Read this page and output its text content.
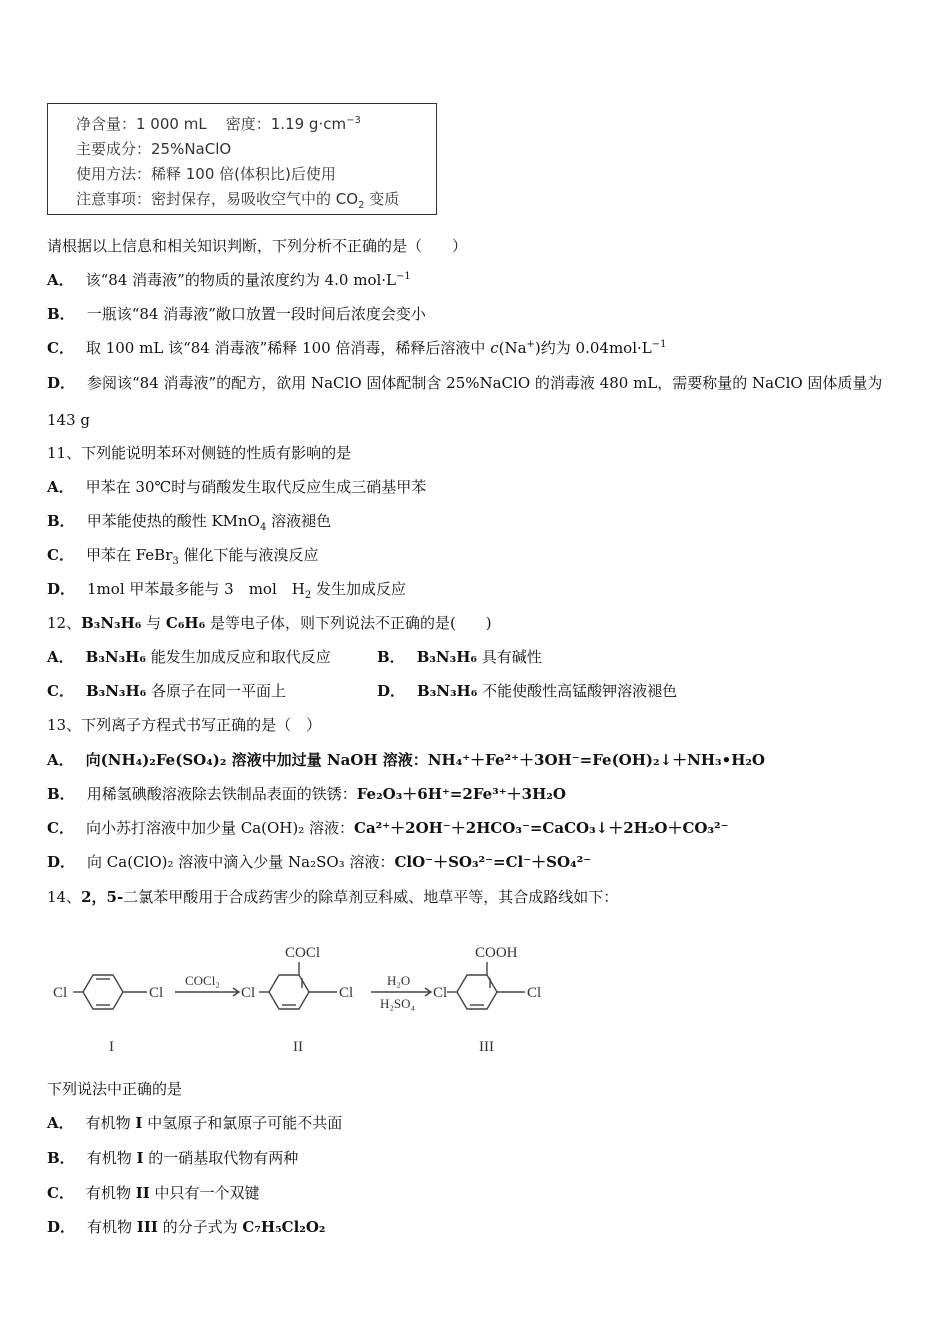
净含量：1 000 mL 密度：1.19 $g\cdot cm^{-3}$
主要成分：25%NaClO
使用方法：稀释 100 倍(体积比)后使用
注意事项：密封保存，易吸收空气中的 $CO_2$ 变质
请根据以上信息和相关知识判断，下列分析不正确的是（　　）
A． 该“84 消毒液”的物质的量浓度约为 4.0 $mol\cdot L^{-1}$
B． 一瓶该“84 消毒液”敞口放置一段时间后浓度会变小
C． 取 100 mL 该“84 消毒液”稀释 100 倍消毒，稀释后溶液中 c(Na+)约为 $0.04mol\cdot L^{-1}$
D． 参阅该“84 消毒液”的配方，欲用 NaClO 固体配制含 25%NaClO 的消毒液 480 mL，需要称量的 NaClO 固体质量为
143 g
11、下列能说明苯环对侧链的性质有影响的是
A． 甲苯在 30℃时与硝酸发生取代反应生成三硝基甲苯
B． 甲苯能使热的酸性 KMnO$_4$ 溶液褪色
C． 甲苯在 FeBr$_3$ 催化下能与液溴反应
D． 1mol 甲苯最多能与 3　mol　$H_2$ 发生加成反应
12、B₃N₃H₆ 与 C₆H₆ 是等电子体，则下列说法不正确的是(　　)
A． B₃N₃H₆ 能发生加成反应和取代反应	B． B₃N₃H₆ 具有碱性
C． B₃N₃H₆ 各原子在同一平面上	D． B₃N₃H₆ 不能使酸性高锰酸钾溶液褪色
13、下列离子方程式书写正确的是（　）
A． 向(NH₄)₂Fe(SO₄)₂ 溶液中加过量 NaOH 溶液：NH₄⁺＋Fe²⁺＋3OH⁻=Fe(OH)₂↓＋NH₃•H₂O
B． 用稀氢碘酸溶液除去铁制品表面的铁锈：Fe₂O₃＋6H⁺=2Fe³⁺＋3H₂O
C． 向小苏打溶液中加少量 Ca(OH)₂ 溶液：Ca²⁺＋2OH⁻＋2HCO₃⁻=CaCO₃↓＋2H₂O＋CO₃²⁻
D． 向 Ca(ClO)₂ 溶液中滴入少量 Na₂SO₃ 溶液：ClO⁻＋SO₃²⁻=Cl⁻＋SO₄²⁻
14、2，5-二氯苯甲酸用于合成药害少的除草剂豆科威、地草平等，其合成路线如下：
Cl	Cl
COCl₂
Cl
COCl
Cl
H₂O
H₂SO₄
Cl
COOH
Cl
I	II	III
下列说法中正确的是
A． 有机物 I 中氢原子和氯原子可能不共面
B． 有机物 I 的一硝基取代物有两种
C． 有机物 II 中只有一个双键
D． 有机物 III 的分子式为 C₇H₅Cl₂O₂
